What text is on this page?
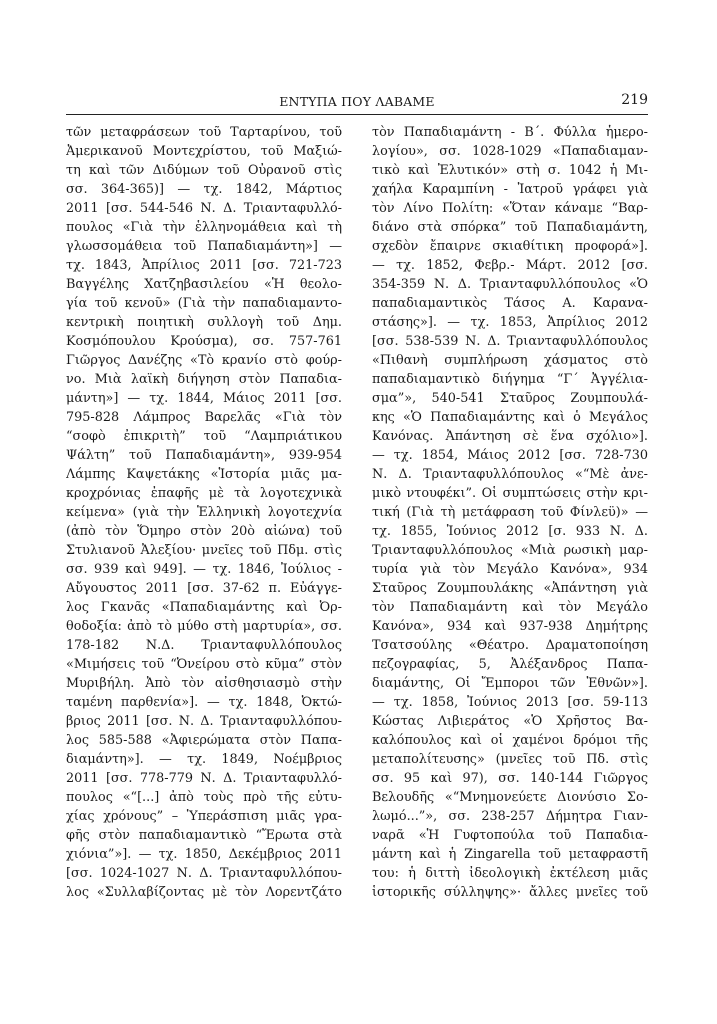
ΕΝΤΥΠΑ ΠΟΥ ΛΑΒΑΜΕ	219
τῶν μεταφράσεων τοῦ Ταρταρίνου, τοῦ
Ἀμερικανοῦ Μοντεχρίστου, τοῦ Μαξιώ-
τη καὶ τῶν Διδύμων τοῦ Οὐρανοῦ στὶς
σσ. 364-365)] — τχ. 1842, Μάρτιος
2011 [σσ. 544-546 Ν. Δ. Τριανταφυλλό-
πουλος «Γιὰ τὴν ἑλληνομάθεια καὶ τὴ
γλωσσομάθεια τοῦ Παπαδιαμάντη»] —
τχ. 1843, Ἀπρίλιος 2011 [σσ. 721-723
Βαγγέλης Χατζηβασιλείου «Ἡ θεολο-
γία τοῦ κενοῦ» (Γιὰ τὴν παπαδιαμαντο-
κεντρικὴ ποιητικὴ συλλογὴ τοῦ Δημ.
Κοσμόπουλου Κρούσμα), σσ. 757-761
Γιῶργος Δανέζης «Τὸ κρανίο στὸ φούρ-
νο. Μιὰ λαϊκὴ διήγηση στὸν Παπαδια-
μάντη»] — τχ. 1844, Μάιος 2011 [σσ.
795-828 Λάμπρος Βαρελᾶς «Γιὰ τὸν
“σοφὸ ἐπικριτὴ” τοῦ “Λαμπριάτικου
Ψάλτη” τοῦ Παπαδιαμάντη», 939-954
Λάμπης Καψετάκης «Ἱστορία μιᾶς μα-
κροχρόνιας ἐπαφῆς μὲ τὰ λογοτεχνικὰ
κείμενα» (γιὰ τὴν Ἑλληνικὴ λογοτεχνία
(ἀπὸ τὸν Ὅμηρο στὸν 20ὸ αἰώνα) τοῦ
Στυλιανοῦ Ἀλεξίου· μνεῖες τοῦ Πδμ. στὶς
σσ. 939 καὶ 949]. — τχ. 1846, Ἰούλιος -
Αὔγουστος 2011 [σσ. 37-62 π. Εὐάγγε-
λος Γκανᾶς «Παπαδιαμάντης καὶ Ὀρ-
θοδοξία: ἀπὸ τὸ μύθο στὴ μαρτυρία», σσ.
178-182 Ν.Δ. Τριανταφυλλόπουλος
«Μιμήσεις τοῦ “Ὀνείρου στὸ κῦμα” στὸν
Μυριβήλη. Ἀπὸ τὸν αἰσθησιασμὸ στὴν
ταμένη παρθενία»]. — τχ. 1848, Ὀκτώ-
βριος 2011 [σσ. Ν. Δ. Τριανταφυλλόπου-
λος 585-588 «Ἀφιερώματα στὸν Παπα-
διαμάντη»]. — τχ. 1849, Νοέμβριος
2011 [σσ. 778-779 Ν. Δ. Τριανταφυλλό-
πουλος «“[...] ἀπὸ τοὺς πρὸ τῆς εὐτυ-
χίας χρόνους” – Ὑπεράσπιση μιᾶς γρα-
φῆς στὸν παπαδιαμαντικὸ “Ἔρωτα στὰ
χιόνια”»]. — τχ. 1850, Δεκέμβριος 2011
[σσ. 1024-1027 Ν. Δ. Τριανταφυλλόπου-
λος «Συλλαβίζοντας μὲ τὸν Λορεντζάτο
τὸν Παπαδιαμάντη - Β΄. Φύλλα ἡμερο-
λογίου», σσ. 1028-1029 «Παπαδιαμαν-
τικὸ καὶ Ἐλυτικόν» στὴ σ. 1042 ἡ Μι-
χαήλα Καραμπίνη - Ἰατροῦ γράφει γιὰ
τὸν Λίνο Πολίτη: «Ὅταν κάναμε “Βαρ-
διάνο στὰ σπόρκα” τοῦ Παπαδιαμάντη,
σχεδὸν ἔπαιρνε σκιαθίτικη προφορά»].
— τχ. 1852, Φεβρ.- Μάρτ. 2012 [σσ.
354-359 Ν. Δ. Τριανταφυλλόπουλος «Ὁ
παπαδιαμαντικὸς Τάσος Α. Καρανα-
στάσης»]. — τχ. 1853, Ἀπρίλιος 2012
[σσ. 538-539 Ν. Δ. Τριανταφυλλόπουλος
«Πιθανὴ συμπλήρωση χάσματος στὸ
παπαδιαμαντικὸ διήγημα “Γ΄ Ἀγγέλια-
σμα”», 540-541 Σταῦρος Ζουμπουλά-
κης «Ὁ Παπαδιαμάντης καὶ ὁ Μεγάλος
Κανόνας. Ἀπάντηση σὲ ἕνα σχόλιο»].
— τχ. 1854, Μάιος 2012 [σσ. 728-730
Ν. Δ. Τριανταφυλλόπουλος «“Μὲ ἀνε-
μικὸ ντουφέκι”. Οἱ συμπτώσεις στὴν κρι-
τική (Γιὰ τὴ μετάφραση τοῦ Φίνλεϋ)» —
τχ. 1855, Ἰούνιος 2012 [σ. 933 Ν. Δ.
Τριανταφυλλόπουλος «Μιὰ ρωσικὴ μαρ-
τυρία γιὰ τὸν Μεγάλο Κανόνα», 934
Σταῦρος Ζουμπουλάκης «Ἀπάντηση γιὰ
τὸν Παπαδιαμάντη καὶ τὸν Μεγάλο
Κανόνα», 934 καὶ 937-938 Δημήτρης
Τσατσούλης «Θέατρο. Δραματοποίηση
πεζογραφίας, 5, Ἀλέξανδρος Παπα-
διαμάντης, Οἱ Ἔμποροι τῶν Ἐθνῶν»].
— τχ. 1858, Ἰούνιος 2013 [σσ. 59-113
Κώστας Λιβιεράτος «Ὁ Χρῆστος Βα-
καλόπουλος καὶ οἱ χαμένοι δρόμοι τῆς
μεταπολίτευσης» (μνεῖες τοῦ Πδ. στὶς
σσ. 95 καὶ 97), σσ. 140-144 Γιῶργος
Βελουδῆς «“Μνημονεύετε Διονύσιο Σο-
λωμό...”», σσ. 238-257 Δήμητρα Γιαν-
ναρᾶ «Ἡ Γυφτοπούλα τοῦ Παπαδια-
μάντη καὶ ἡ Zingarella τοῦ μεταφραστῆ
του: ἡ διττὴ ἰδεολογικὴ ἐκτέλεση μιᾶς
ἱστορικῆς σύλληψης»· ἄλλες μνεῖες τοῦ
